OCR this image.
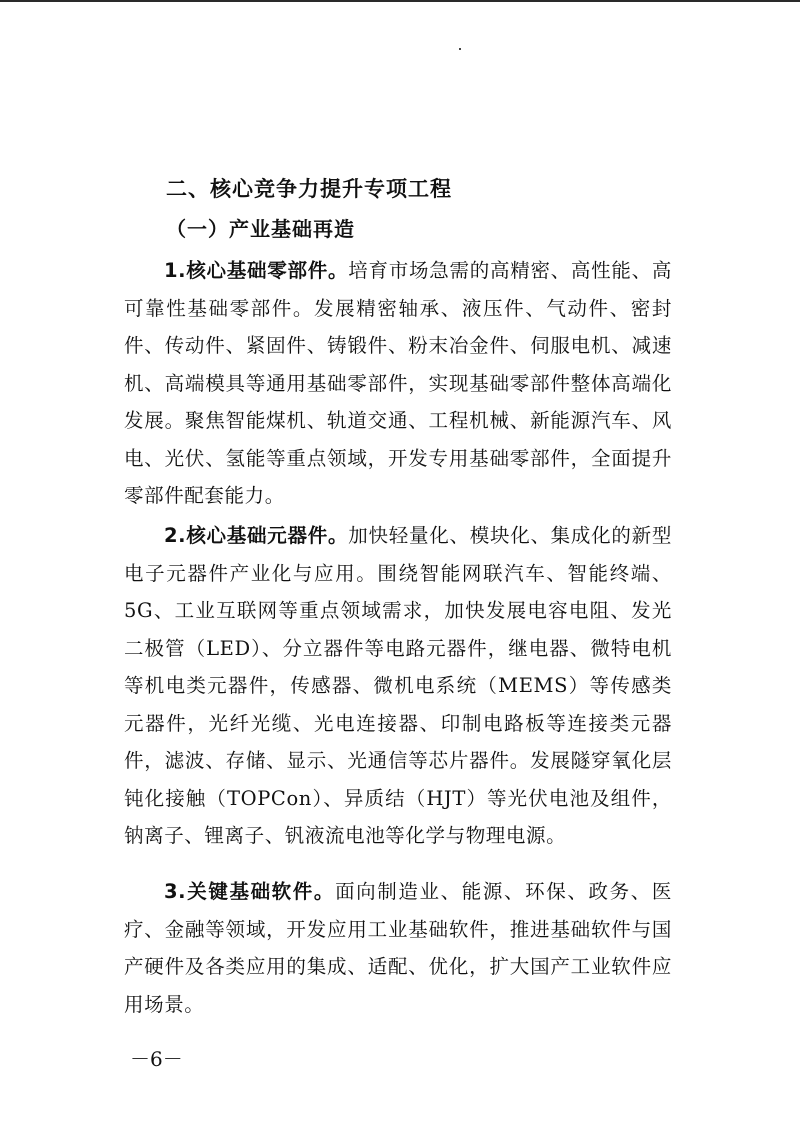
二、核心竞争力提升专项工程
（一）产业基础再造

1.核心基础零部件。培育市场急需的高精密、高性能、高可靠性基础零部件。发展精密轴承、液压件、气动件、密封件、传动件、紧固件、铸锻件、粉末冶金件、伺服电机、减速机、高端模具等通用基础零部件，实现基础零部件整体高端化发展。聚焦智能煤机、轨道交通、工程机械、新能源汽车、风电、光伏、氢能等重点领域，开发专用基础零部件，全面提升零部件配套能力。

2.核心基础元器件。加快轻量化、模块化、集成化的新型电子元器件产业化与应用。围绕智能网联汽车、智能终端、5G、工业互联网等重点领域需求，加快发展电容电阻、发光二极管（LED）、分立器件等电路元器件，继电器、微特电机等机电类元器件，传感器、微机电系统（MEMS）等传感类元器件，光纤光缆、光电连接器、印制电路板等连接类元器件，滤波、存储、显示、光通信等芯片器件。发展隧穿氧化层钝化接触（TOPCon）、异质结（HJT）等光伏电池及组件，钠离子、锂离子、钒液流电池等化学与物理电源。

3.关键基础软件。面向制造业、能源、环保、政务、医疗、金融等领域，开发应用工业基础软件，推进基础软件与国产硬件及各类应用的集成、适配、优化，扩大国产工业软件应用场景。

－6－
